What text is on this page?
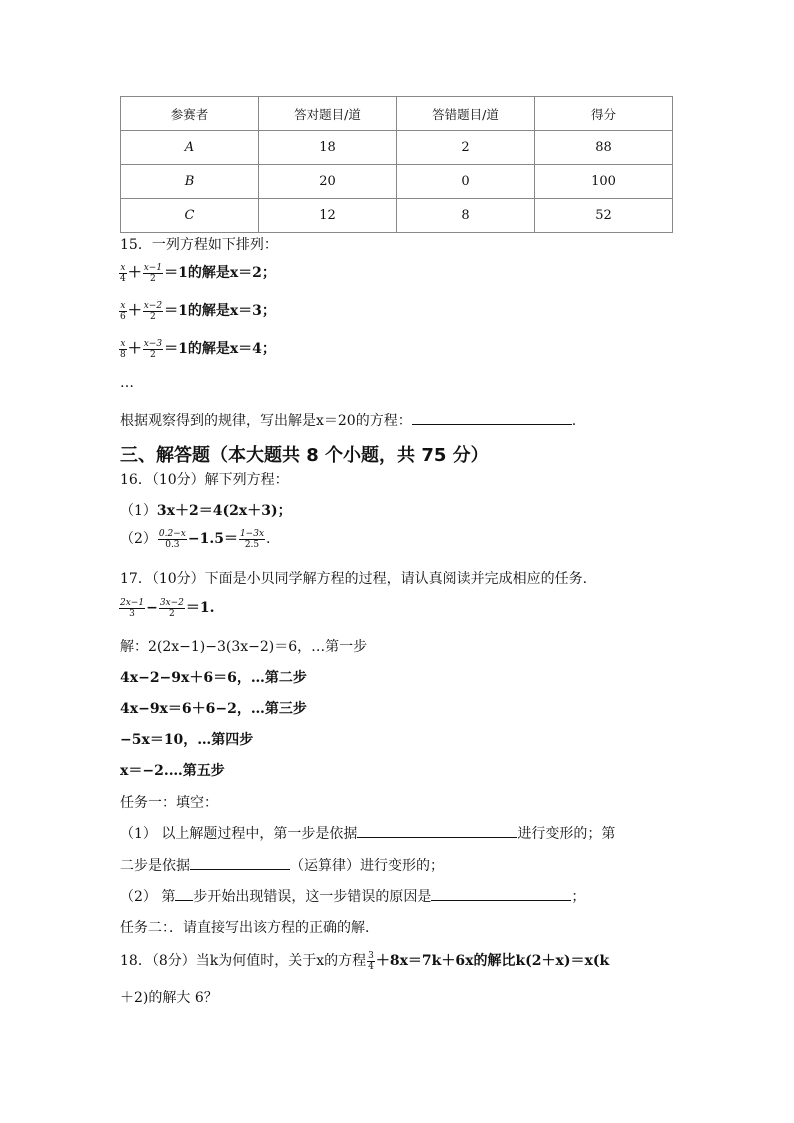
参赛者	答对题目/道	答错题目/道	得分
A	18	2	88
B	20	0	100
C	12	8	52
15．一列方程如下排列：
$\frac{x}{4} + \frac{x-1}{2} =1$的解是x＝2；
$\frac{x}{6} + \frac{x-2}{2} =1$的解是x＝3；
$\frac{x}{8} + \frac{x-3}{2} =1$的解是x＝4；
…
根据观察得到的规律，写出解是x＝20的方程：	.
三、解答题（本大题共 8 个小题，共 75 分）
16．（10分）解下列方程：
（1）3x＋2＝4(2x＋3)；
$(2) \frac{0.2-x}{0.3} -1.5= \frac{1-3x}{2.5}$ .
17．（10分）下面是小贝同学解方程的过程，请认真阅读并完成相应的任务.
$\frac{2x-1}{3} - \frac{3x-2}{2} =1$.
解：2(2x−1)−3(3x−2)＝6，…第一步
4x−2−9x＋6＝6，…第二步
4x−9x＝6＋6−2，…第三步
−5x＝10，…第四步
x＝−2.…第五步
任务一：填空：
（1） 以上解题过程中，第一步是依据	进行变形的；第
二步是依据	（运算律）进行变形的；
（2） 第 步开始出现错误，这一步错误的原因是	；
任务二：．请直接写出该方程的正确的解.
18．（8分）当k为何值时，关于x的方程 $\frac{3}{4} +8x=7k+6x$的解比k(2＋x)＝x(k
＋2)的解大 6？
